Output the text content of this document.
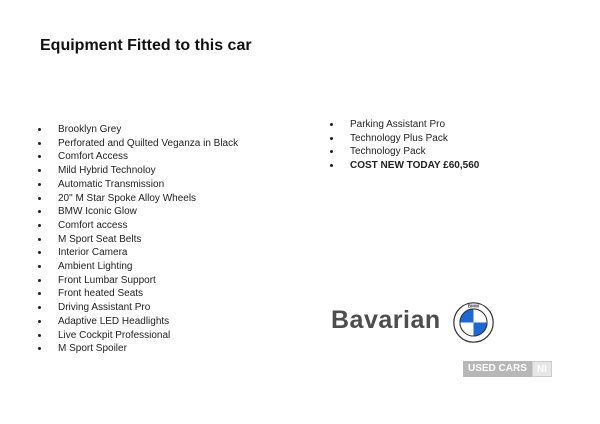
Equipment Fitted to this car
Brooklyn Grey
Perforated and Quilted Veganza in Black
Comfort Access
Mild Hybrid Technoloy
Automatic Transmission
20" M Star Spoke Alloy Wheels
BMW Iconic Glow
Comfort access
M Sport Seat Belts
Interior Camera
Ambient Lighting
Front Lumbar Support
Front heated Seats
Driving Assistant Pro
Adaptive LED Headlights
Live Cockpit Professional
M Sport Spoiler
Parking Assistant Pro
Technology Plus Pack
Technology Pack
COST NEW TODAY £60,560
Bavarian BMW
USED CARS	NI
